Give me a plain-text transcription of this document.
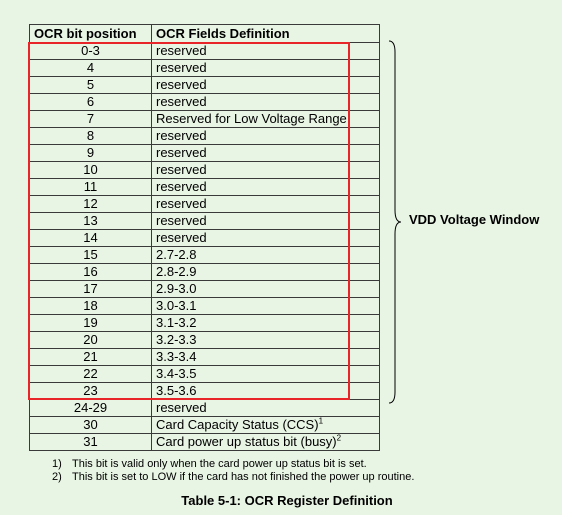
OCR bit position	OCR Fields Definition
0-3	reserved
4	reserved
5	reserved
6	reserved
7	Reserved for Low Voltage Range
8	reserved
9	reserved
10	reserved
11	reserved
12	reserved
13	reserved
14	reserved
15	2.7-2.8
16	2.8-2.9
17	2.9-3.0
18	3.0-3.1
19	3.1-3.2
20	3.2-3.3
21	3.3-3.4
22	3.4-3.5
23	3.5-3.6
24-29	reserved
30	Card Capacity Status (CCS)$^1$
31	Card power up status bit (busy)$^2$
VDD Voltage Window
1) This bit is valid only when the card power up status bit is set.
2) This bit is set to LOW if the card has not finished the power up routine.
Table 5-1: OCR Register Definition
